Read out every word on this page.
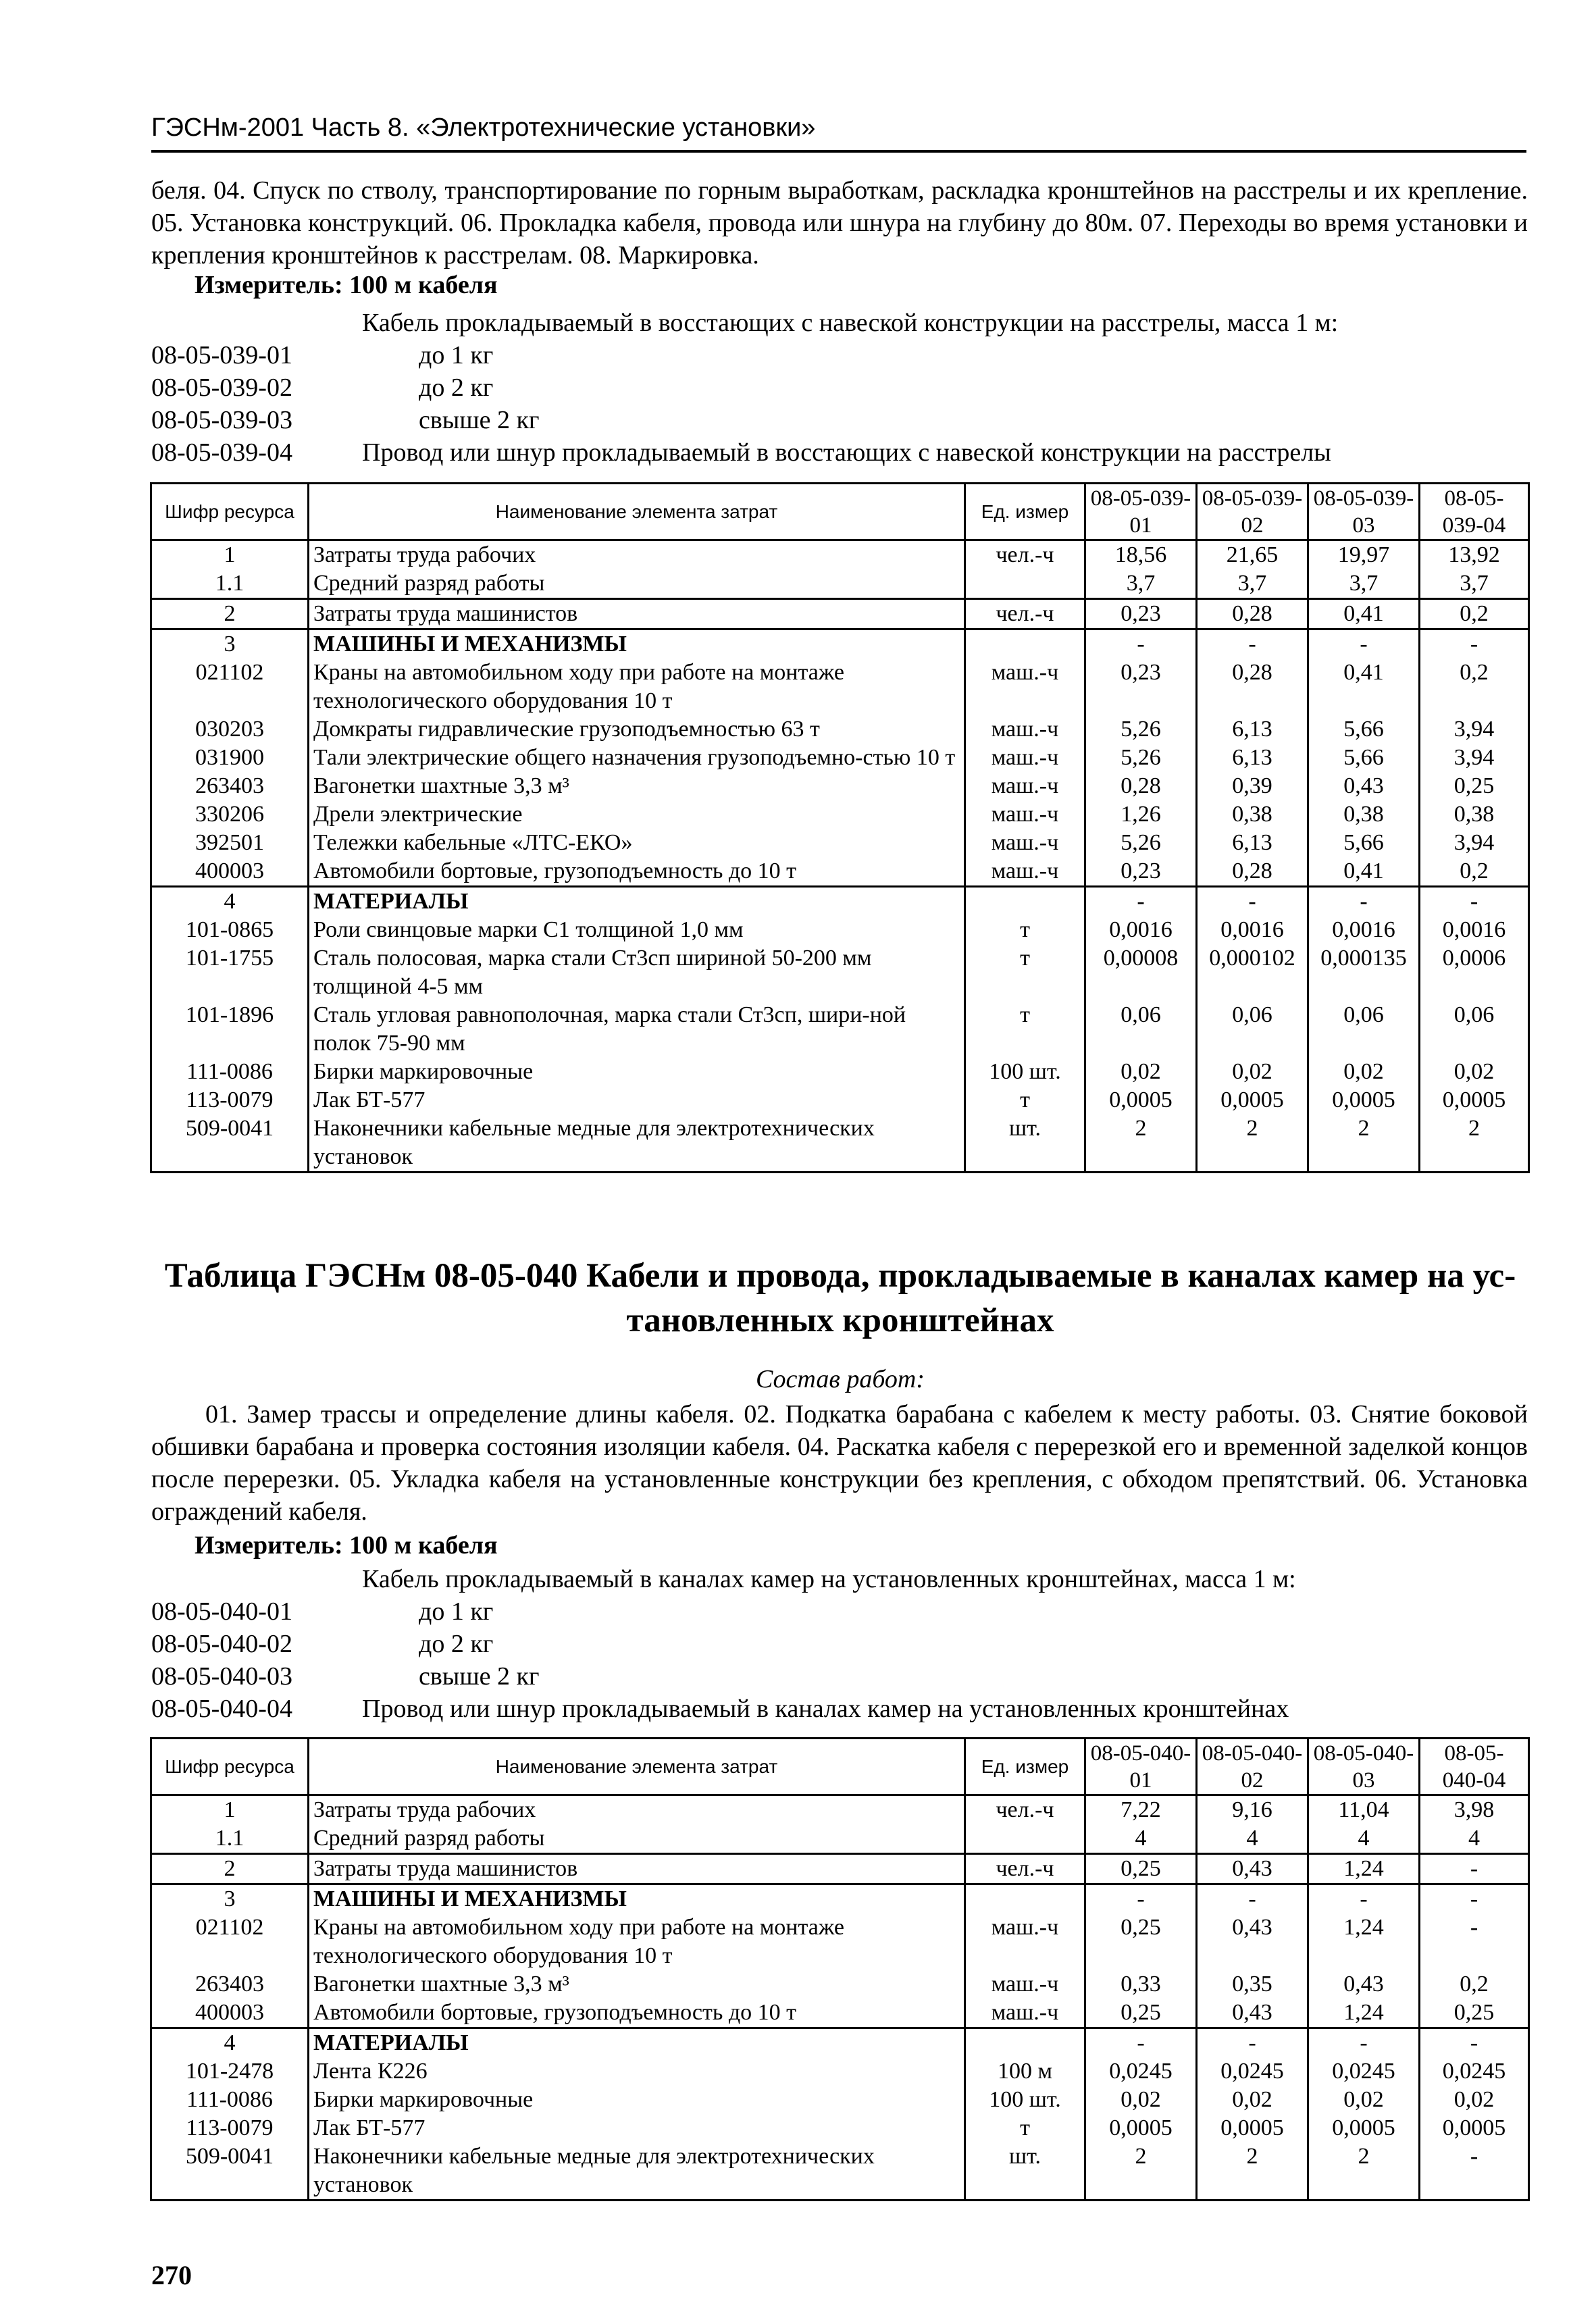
ГЭСНм-2001 Часть 8. «Электротехнические установки»
беля. 04. Спуск по стволу, транспортирование по горным выработкам, раскладка кронштейнов на расстрелы и их крепление. 05. Установка конструкций. 06. Прокладка кабеля, провода или шнура на глубину до 80м. 07. Переходы во время установки и крепления кронштейнов к расстрелам. 08. Маркировка.
Измеритель: 100 м кабеля
Кабель прокладываемый в восстающих с навеской конструкции на расстрелы, масса 1 м:
08-05-039-01	до 1 кг
08-05-039-02	до 2 кг
08-05-039-03	свыше 2 кг
08-05-039-04	Провод или шнур прокладываемый в восстающих с навеской конструкции на расстрелы
Шифр ресурса	Наименование элемента затрат	Ед. измер	08-05-039-01	08-05-039-02	08-05-039-03	08-05-039-04
1	Затраты труда рабочих	чел.-ч	18,56	21,65	19,97	13,92
1.1	Средний разряд работы		3,7	3,7	3,7	3,7
2	Затраты труда машинистов	чел.-ч	0,23	0,28	0,41	0,2
3	МАШИНЫ И МЕХАНИЗМЫ		-	-	-	-
021102	Краны на автомобильном ходу при работе на монтаже технологического оборудования 10 т	маш.-ч	0,23	0,28	0,41	0,2
030203	Домкраты гидравлические грузоподъемностью 63 т	маш.-ч	5,26	6,13	5,66	3,94
031900	Тали электрические общего назначения грузоподъемно-стью 10 т	маш.-ч	5,26	6,13	5,66	3,94
263403	Вагонетки шахтные 3,3 м³	маш.-ч	0,28	0,39	0,43	0,25
330206	Дрели электрические	маш.-ч	1,26	0,38	0,38	0,38
392501	Тележки кабельные «ЛТС-ЕКО»	маш.-ч	5,26	6,13	5,66	3,94
400003	Автомобили бортовые, грузоподъемность до 10 т	маш.-ч	0,23	0,28	0,41	0,2
4	МАТЕРИАЛЫ		-	-	-	-
101-0865	Роли свинцовые марки С1 толщиной 1,0 мм	т	0,0016	0,0016	0,0016	0,0016
101-1755	Сталь полосовая, марка стали Ст3сп шириной 50-200 мм толщиной 4-5 мм	т	0,00008	0,000102	0,000135	0,0006
101-1896	Сталь угловая равнополочная, марка стали Ст3сп, шири-ной полок 75-90 мм	т	0,06	0,06	0,06	0,06
111-0086	Бирки маркировочные	100 шт.	0,02	0,02	0,02	0,02
113-0079	Лак БТ-577	т	0,0005	0,0005	0,0005	0,0005
509-0041	Наконечники кабельные медные для электротехнических установок	шт.	2	2	2	2
Таблица ГЭСНм 08-05-040 Кабели и провода, прокладываемые в каналах камер на ус-
тановленных кронштейнах
Состав работ:
01. Замер трассы и определение длины кабеля. 02. Подкатка барабана с кабелем к месту работы. 03. Снятие боковой обшивки барабана и проверка состояния изоляции кабеля. 04. Раскатка кабеля с перерезкой его и временной заделкой концов после перерезки. 05. Укладка кабеля на установленные конструкции без крепления, с обходом препятствий. 06. Установка ограждений кабеля.
Измеритель: 100 м кабеля
Кабель прокладываемый в каналах камер на установленных кронштейнах, масса 1 м:
08-05-040-01	до 1 кг
08-05-040-02	до 2 кг
08-05-040-03	свыше 2 кг
08-05-040-04	Провод или шнур прокладываемый в каналах камер на установленных кронштейнах
Шифр ресурса	Наименование элемента затрат	Ед. измер	08-05-040-01	08-05-040-02	08-05-040-03	08-05-040-04
1	Затраты труда рабочих	чел.-ч	7,22	9,16	11,04	3,98
1.1	Средний разряд работы		4	4	4	4
2	Затраты труда машинистов	чел.-ч	0,25	0,43	1,24	-
3	МАШИНЫ И МЕХАНИЗМЫ		-	-	-	-
021102	Краны на автомобильном ходу при работе на монтаже технологического оборудования 10 т	маш.-ч	0,25	0,43	1,24	-
263403	Вагонетки шахтные 3,3 м³	маш.-ч	0,33	0,35	0,43	0,2
400003	Автомобили бортовые, грузоподъемность до 10 т	маш.-ч	0,25	0,43	1,24	0,25
4	МАТЕРИАЛЫ		-	-	-	-
101-2478	Лента К226	100 м	0,0245	0,0245	0,0245	0,0245
111-0086	Бирки маркировочные	100 шт.	0,02	0,02	0,02	0,02
113-0079	Лак БТ-577	т	0,0005	0,0005	0,0005	0,0005
509-0041	Наконечники кабельные медные для электротехнических установок	шт.	2	2	2	-
270
